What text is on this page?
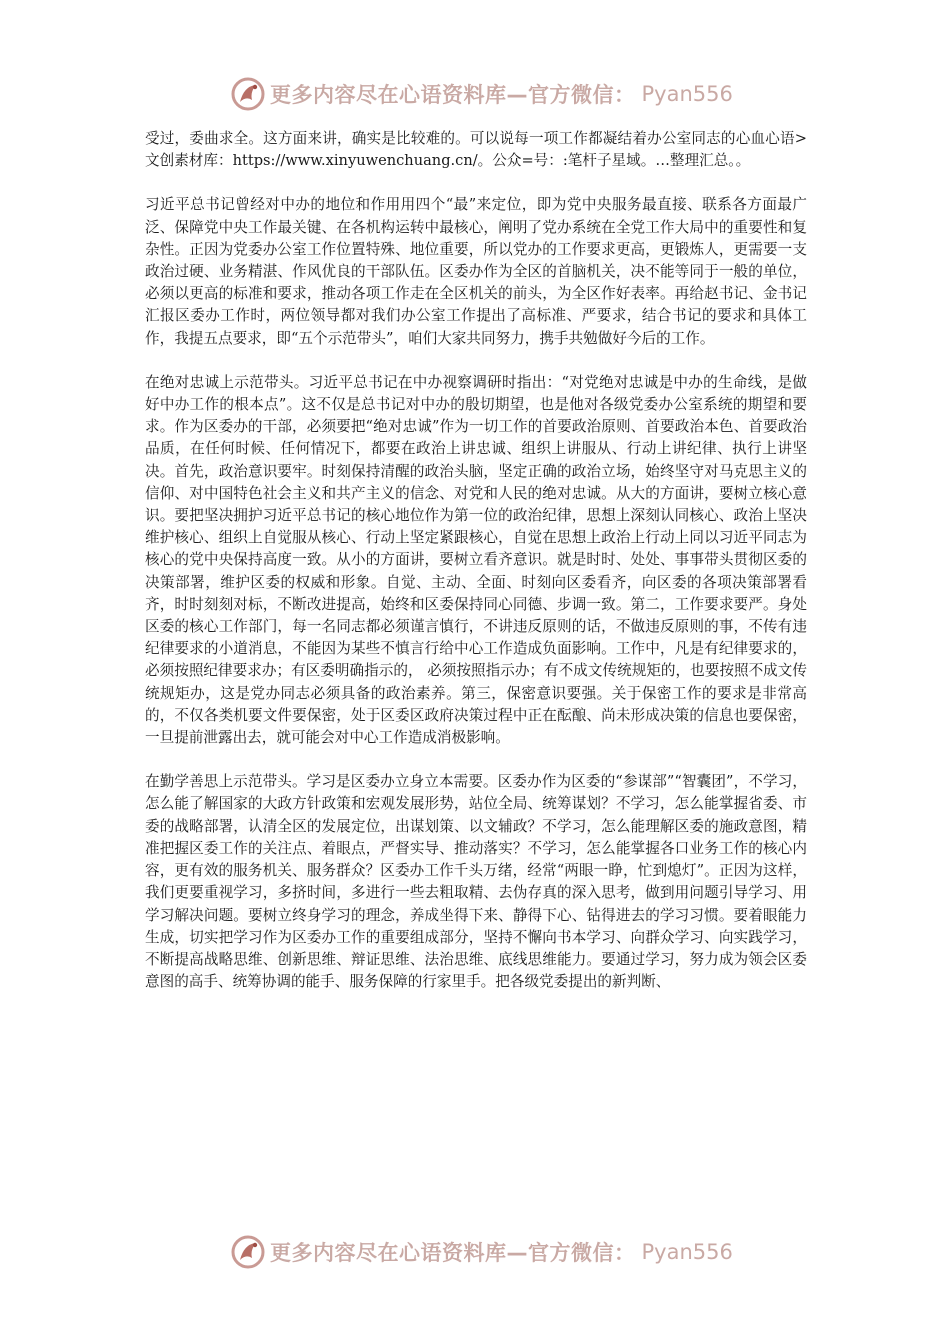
更多内容尽在心语资料库—官方微信： Pyan556

受过，委曲求全。这方面来讲，确实是比较难的。可以说每一项工作都凝结着办公室同志的心血心语>文创素材库：https://www.xinyuwenchuang.cn/。公众=号：:笔杆子星域。…整理汇总。。

习近平总书记曾经对中办的地位和作用用四个“最”来定位，即为党中央服务最直接、联系各方面最广泛、保障党中央工作最关键、在各机构运转中最核心，阐明了党办系统在全党工作大局中的重要性和复杂性。正因为党委办公室工作位置特殊、地位重要，所以党办的工作要求更高，更锻炼人，更需要一支政治过硬、业务精湛、作风优良的干部队伍。区委办作为全区的首脑机关，决不能等同于一般的单位，必须以更高的标准和要求，推动各项工作走在全区机关的前头，为全区作好表率。再给赵书记、金书记汇报区委办工作时，两位领导都对我们办公室工作提出了高标准、严要求，结合书记的要求和具体工作，我提五点要求，即“五个示范带头”，咱们大家共同努力，携手共勉做好今后的工作。

在绝对忠诚上示范带头。习近平总书记在中办视察调研时指出：“对党绝对忠诚是中办的生命线，是做好中办工作的根本点”。这不仅是总书记对中办的殷切期望，也是他对各级党委办公室系统的期望和要求。作为区委办的干部，必须要把“绝对忠诚”作为一切工作的首要政治原则、首要政治本色、首要政治品质，在任何时候、任何情况下，都要在政治上讲忠诚、组织上讲服从、行动上讲纪律、执行上讲坚决。首先，政治意识要牢。时刻保持清醒的政治头脑，坚定正确的政治立场，始终坚守对马克思主义的信仰、对中国特色社会主义和共产主义的信念、对党和人民的绝对忠诚。从大的方面讲，要树立核心意识。要把坚决拥护习近平总书记的核心地位作为第一位的政治纪律，思想上深刻认同核心、政治上坚决维护核心、组织上自觉服从核心、行动上坚定紧跟核心，自觉在思想上政治上行动上同以习近平同志为核心的党中央保持高度一致。从小的方面讲，要树立看齐意识。就是时时、处处、事事带头贯彻区委的决策部署，维护区委的权威和形象。自觉、主动、全面、时刻向区委看齐，向区委的各项决策部署看齐，时时刻刻对标，不断改进提高，始终和区委保持同心同德、步调一致。第二，工作要求要严。身处区委的核心工作部门，每一名同志都必须谨言慎行，不讲违反原则的话，不做违反原则的事，不传有违纪律要求的小道消息，不能因为某些不慎言行给中心工作造成负面影响。工作中，凡是有纪律要求的，必须按照纪律要求办；有区委明确指示的， 必须按照指示办；有不成文传统规矩的，也要按照不成文传统规矩办，这是党办同志必须具备的政治素养。第三，保密意识要强。关于保密工作的要求是非常高的，不仅各类机要文件要保密，处于区委区政府决策过程中正在酝酿、尚未形成决策的信息也要保密，一旦提前泄露出去，就可能会对中心工作造成消极影响。

在勤学善思上示范带头。学习是区委办立身立本需要。区委办作为区委的“参谋部”“智囊团”，不学习，怎么能了解国家的大政方针政策和宏观发展形势，站位全局、统筹谋划？不学习，怎么能掌握省委、市委的战略部署，认清全区的发展定位，出谋划策、以文辅政？不学习，怎么能理解区委的施政意图，精准把握区委工作的关注点、着眼点，严督实导、推动落实？不学习，怎么能掌握各口业务工作的核心内容，更有效的服务机关、服务群众？区委办工作千头万绪，经常“两眼一睁，忙到熄灯”。正因为这样，我们更要重视学习，多挤时间，多进行一些去粗取精、去伪存真的深入思考，做到用问题引导学习、用学习解决问题。要树立终身学习的理念，养成坐得下来、静得下心、钻得进去的学习习惯。要着眼能力生成，切实把学习作为区委办工作的重要组成部分，坚持不懈向书本学习、向群众学习、向实践学习，不断提高战略思维、创新思维、辩证思维、法治思维、底线思维能力。要通过学习，努力成为领会区委意图的高手、统筹协调的能手、服务保障的行家里手。把各级党委提出的新判断、

更多内容尽在心语资料库—官方微信： Pyan556
